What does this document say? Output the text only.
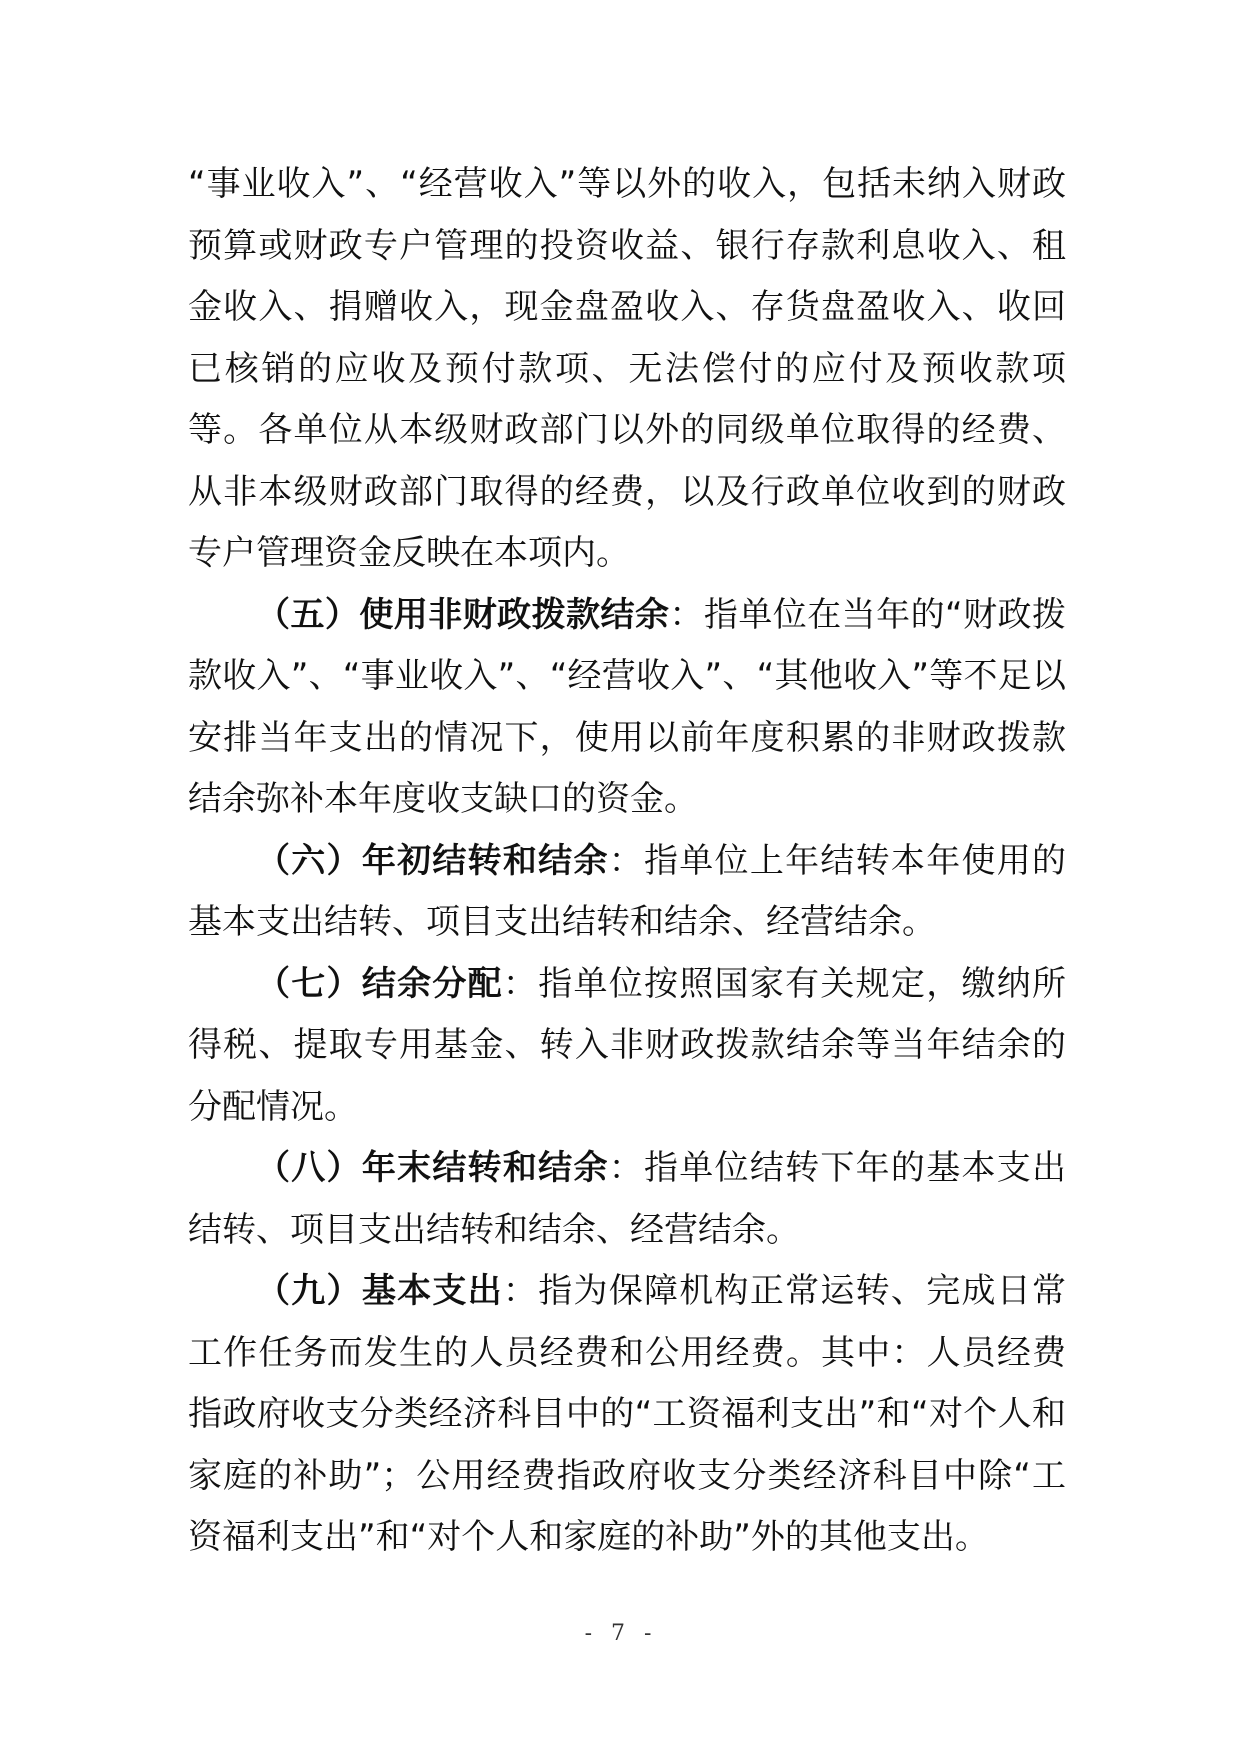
“事业收入”、“经营收入”等以外的收入，包括未纳入财政预算或财政专户管理的投资收益、银行存款利息收入、租金收入、捐赠收入，现金盘盈收入、存货盘盈收入、收回已核销的应收及预付款项、无法偿付的应付及预收款项等。各单位从本级财政部门以外的同级单位取得的经费、从非本级财政部门取得的经费，以及行政单位收到的财政专户管理资金反映在本项内。

（五）使用非财政拨款结余：指单位在当年的“财政拨款收入”、“事业收入”、“经营收入”、“其他收入”等不足以安排当年支出的情况下，使用以前年度积累的非财政拨款结余弥补本年度收支缺口的资金。

（六）年初结转和结余：指单位上年结转本年使用的基本支出结转、项目支出结转和结余、经营结余。

（七）结余分配：指单位按照国家有关规定，缴纳所得税、提取专用基金、转入非财政拨款结余等当年结余的分配情况。

（八）年末结转和结余：指单位结转下年的基本支出结转、项目支出结转和结余、经营结余。

（九）基本支出：指为保障机构正常运转、完成日常工作任务而发生的人员经费和公用经费。其中：人员经费指政府收支分类经济科目中的“工资福利支出”和“对个人和家庭的补助”；公用经费指政府收支分类经济科目中除“工资福利支出”和“对个人和家庭的补助”外的其他支出。

- 7 -
